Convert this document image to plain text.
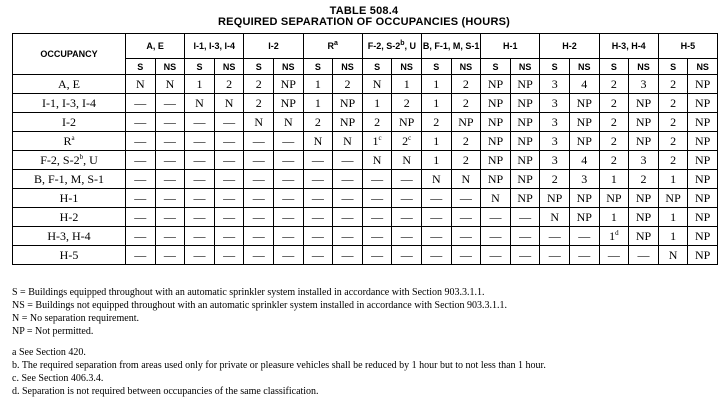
TABLE 508.4
REQUIRED SEPARATION OF OCCUPANCIES (HOURS)
OCCUPANCY	A, E		I-1, I-3, I-4		I-2		$R^a$		F-2, S-2$^b$, U		B, F-1, M, S-1		H-1		H-2		H-3, H-4		H-5	
	S	NS	S	NS	S	NS	S	NS	S	NS	S	NS	S	NS	S	NS	S	NS	S	NS
A, E	N	N	1	2	2	NP	1	2	N	1	1	2	NP	NP	3	4	2	3	2	NP
I-1, I-3, I-4	—	—	N	N	2	NP	1	NP	1	2	1	2	NP	NP	3	NP	2	NP	2	NP
I-2	—	—	—	—	N	N	2	NP	2	NP	2	NP	NP	NP	3	NP	2	NP	2	NP
$R^a$	—	—	—	—	—	—	N	N	1$^c$	2$^c$	1	2	NP	NP	3	NP	2	NP	2	NP
F-2, S-2$^b$, U	—	—	—	—	—	—	—	—	N	N	1	2	NP	NP	3	4	2	3	2	NP
B, F-1, M, S-1	—	—	—	—	—	—	—	—	—	—	N	N	NP	NP	2	3	1	2	1	NP
H-1	—	—	—	—	—	—	—	—	—	—	—	—	N	NP	NP	NP	NP	NP	NP	NP
H-2	—	—	—	—	—	—	—	—	—	—	—	—	—	—	N	NP	1	NP	1	NP
H-3, H-4	—	—	—	—	—	—	—	—	—	—	—	—	—	—	—	—	1$^d$	NP	1	NP
H-5	—	—	—	—	—	—	—	—	—	—	—	—	—	—	—	—	—	—	N	NP
S = Buildings equipped throughout with an automatic sprinkler system installed in accordance with Section 903.3.1.1.
NS = Buildings not equipped throughout with an automatic sprinkler system installed in accordance with Section 903.3.1.1.
N = No separation requirement.
NP = Not permitted.
a See Section 420.
b. The required separation from areas used only for private or pleasure vehicles shall be reduced by 1 hour but to not less than 1 hour.
c. See Section 406.3.4.
d. Separation is not required between occupancies of the same classification.
